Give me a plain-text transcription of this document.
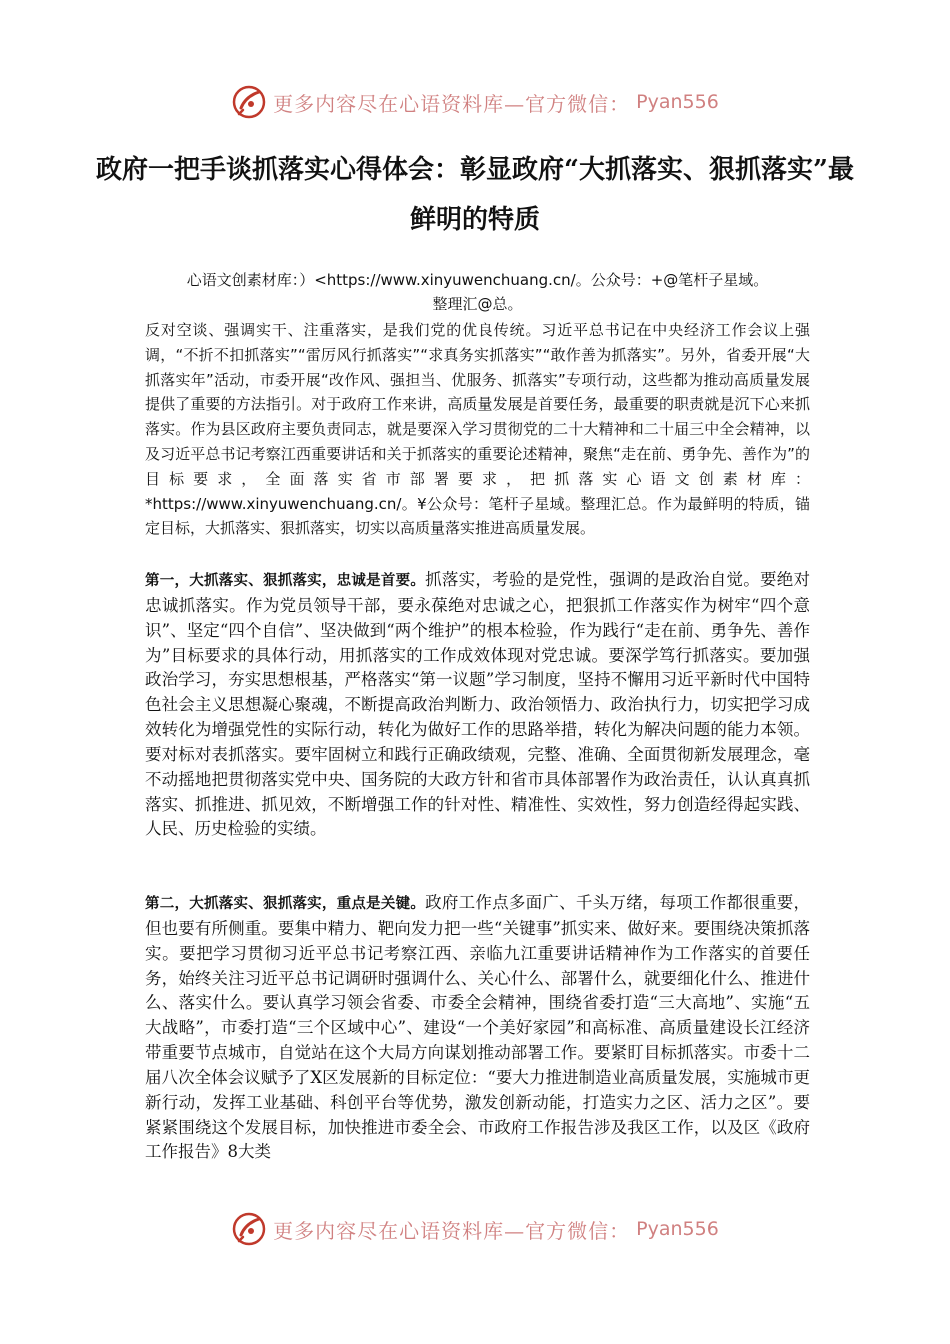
更多内容尽在心语资料库—官方微信： Pyan556
政府一把手谈抓落实心得体会：彰显政府“大抓落实、狠抓落实”最鲜明的特质
心语文创素材库：）<https://www.xinyuwenchuang.cn/。公众号：+@笔杆子星域。
整理汇@总。

反对空谈、强调实干、注重落实，是我们党的优良传统。习近平总书记在中央经济工作会议上强调，“不折不扣抓落实”“雷厉风行抓落实”“求真务实抓落实”“敢作善为抓落实”。另外，省委开展“大抓落实年”活动，市委开展“改作风、强担当、优服务、抓落实”专项行动，这些都为推动高质量发展提供了重要的方法指引。对于政府工作来讲，高质量发展是首要任务，最重要的职责就是沉下心来抓落实。作为县区政府主要负责同志，就是要深入学习贯彻党的二十大精神和二十届三中全会精神，以及习近平总书记考察江西重要讲话和关于抓落实的重要论述精神，聚焦“走在前、勇争先、善作为”的目标要求，全面落实省市部署要求，把抓落实心语文创素材库：*https://www.xinyuwenchuang.cn/。¥公众号：笔杆子星域。整理汇总。作为最鲜明的特质，锚定目标，大抓落实、狠抓落实，切实以高质量落实推进高质量发展。

第一，大抓落实、狠抓落实，忠诚是首要。抓落实，考验的是党性，强调的是政治自觉。要绝对忠诚抓落实。作为党员领导干部，要永葆绝对忠诚之心，把狠抓工作落实作为树牢“四个意识”、坚定“四个自信”、坚决做到“两个维护”的根本检验，作为践行“走在前、勇争先、善作为”目标要求的具体行动，用抓落实的工作成效体现对党忠诚。要深学笃行抓落实。要加强政治学习，夯实思想根基，严格落实“第一议题”学习制度，坚持不懈用习近平新时代中国特色社会主义思想凝心聚魂，不断提高政治判断力、政治领悟力、政治执行力，切实把学习成效转化为增强党性的实际行动，转化为做好工作的思路举措，转化为解决问题的能力本领。要对标对表抓落实。要牢固树立和践行正确政绩观，完整、准确、全面贯彻新发展理念，毫不动摇地把贯彻落实党中央、国务院的大政方针和省市具体部署作为政治责任，认认真真抓落实、抓推进、抓见效，不断增强工作的针对性、精准性、实效性，努力创造经得起实践、人民、历史检验的实绩。

第二，大抓落实、狠抓落实，重点是关键。政府工作点多面广、千头万绪，每项工作都很重要，但也要有所侧重。要集中精力、靶向发力把一些“关键事”抓实来、做好来。要围绕决策抓落实。要把学习贯彻习近平总书记考察江西、亲临九江重要讲话精神作为工作落实的首要任务，始终关注习近平总书记调研时强调什么、关心什么、部署什么，就要细化什么、推进什么、落实什么。要认真学习领会省委、市委全会精神，围绕省委打造“三大高地”、实施“五大战略”，市委打造“三个区域中心”、建设“一个美好家园”和高标准、高质量建设长江经济带重要节点城市，自觉站在这个大局方向谋划推动部署工作。要紧盯目标抓落实。市委十二届八次全体会议赋予了X区发展新的目标定位：“要大力推进制造业高质量发展，实施城市更新行动，发挥工业基础、科创平台等优势，激发创新动能，打造实力之区、活力之区”。要紧紧围绕这个发展目标，加快推进市委全会、市政府工作报告涉及我区工作，以及区《政府工作报告》8大类

更多内容尽在心语资料库—官方微信： Pyan556
